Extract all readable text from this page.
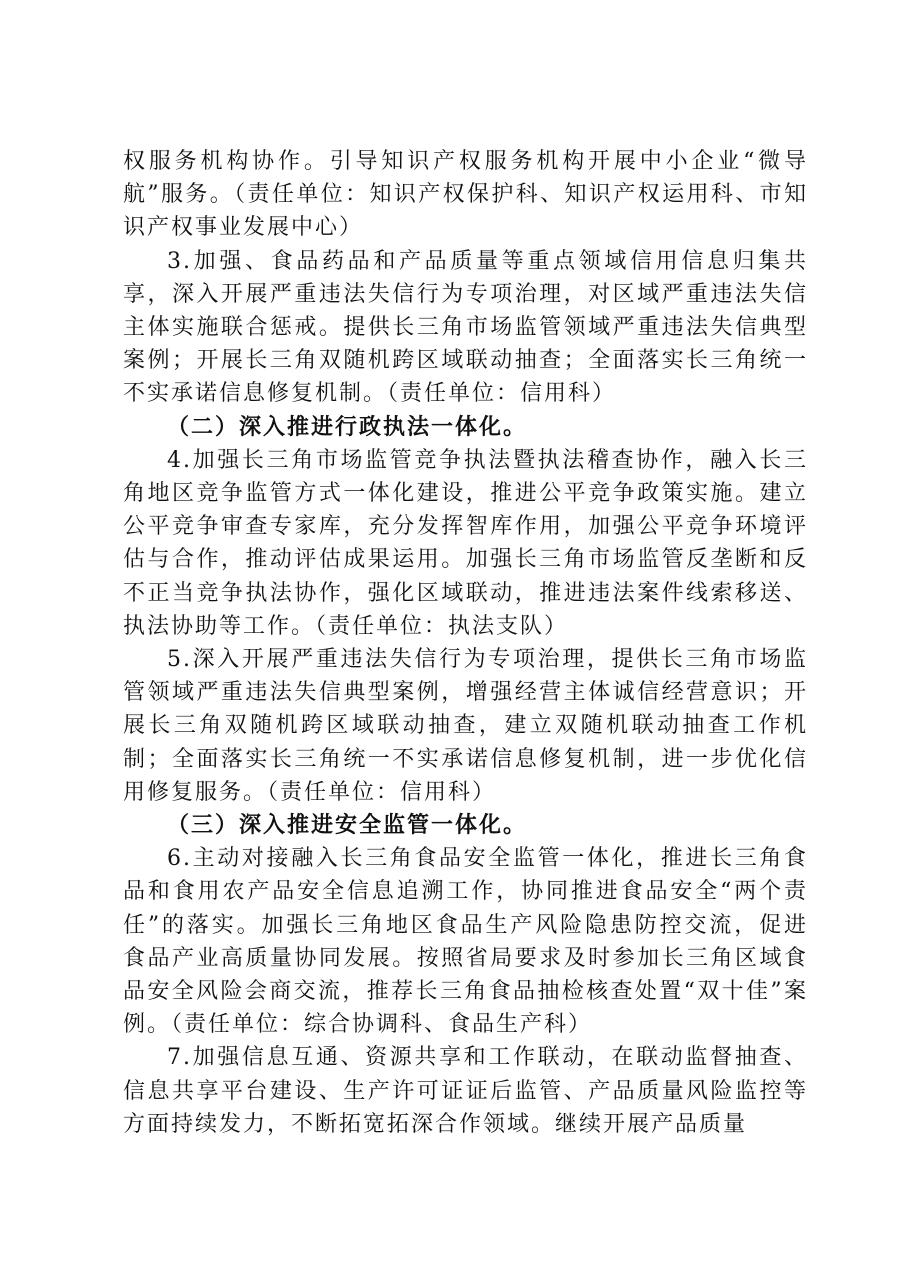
权服务机构协作。引导知识产权服务机构开展中小企业“微导航”服务。（责任单位：知识产权保护科、知识产权运用科、市知识产权事业发展中心）

3.加强、食品药品和产品质量等重点领域信用信息归集共享，深入开展严重违法失信行为专项治理，对区域严重违法失信主体实施联合惩戒。提供长三角市场监管领域严重违法失信典型案例；开展长三角双随机跨区域联动抽查；全面落实长三角统一不实承诺信息修复机制。（责任单位：信用科）

（二）深入推进行政执法一体化。

4.加强长三角市场监管竞争执法暨执法稽查协作，融入长三角地区竞争监管方式一体化建设，推进公平竞争政策实施。建立公平竞争审查专家库，充分发挥智库作用，加强公平竞争环境评估与合作，推动评估成果运用。加强长三角市场监管反垄断和反不正当竞争执法协作，强化区域联动，推进违法案件线索移送、执法协助等工作。（责任单位：执法支队）

5.深入开展严重违法失信行为专项治理，提供长三角市场监管领域严重违法失信典型案例，增强经营主体诚信经营意识；开展长三角双随机跨区域联动抽查，建立双随机联动抽查工作机制；全面落实长三角统一不实承诺信息修复机制，进一步优化信用修复服务。（责任单位：信用科）

（三）深入推进安全监管一体化。

6.主动对接融入长三角食品安全监管一体化，推进长三角食品和食用农产品安全信息追溯工作，协同推进食品安全“两个责任”的落实。加强长三角地区食品生产风险隐患防控交流，促进食品产业高质量协同发展。按照省局要求及时参加长三角区域食品安全风险会商交流，推荐长三角食品抽检核查处置“双十佳”案例。（责任单位：综合协调科、食品生产科）

7.加强信息互通、资源共享和工作联动，在联动监督抽查、信息共享平台建设、生产许可证证后监管、产品质量风险监控等方面持续发力，不断拓宽拓深合作领域。继续开展产品质量
